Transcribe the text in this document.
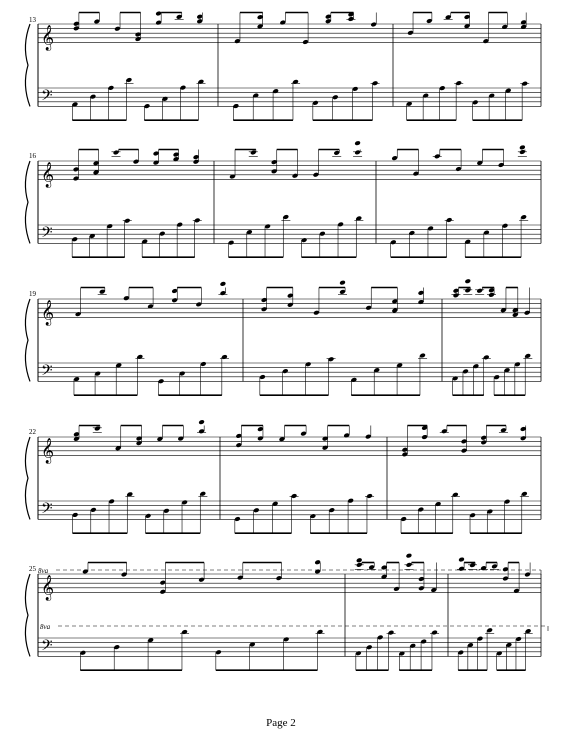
𝄞
𝄢
𝄞
𝄢
𝄞
𝄢
𝄞
𝄢
𝄞
𝄢
13
16
19
22
25 8va
8va
Page 2
